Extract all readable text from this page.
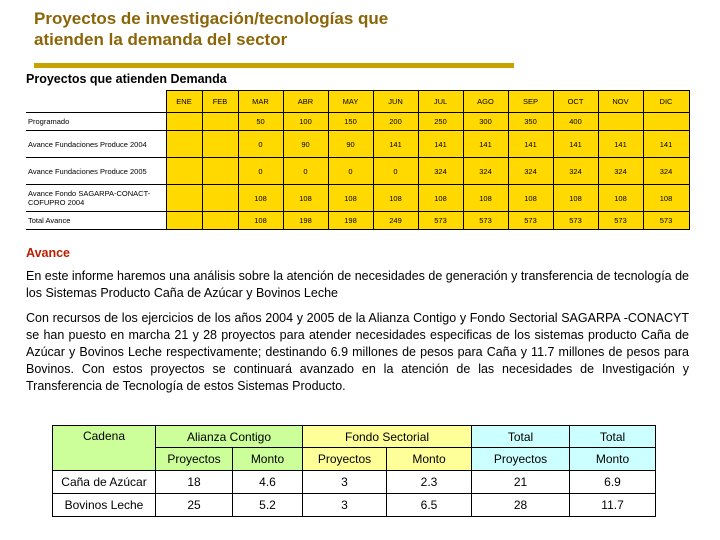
Proyectos de investigación/tecnologías que
atienden la demanda del sector
Proyectos que atienden Demanda
	ENE	FEB	MAR	ABR	MAY	JUN	JUL	AGO	SEP	OCT	NOV	DIC
Programado			50	100	150	200	250	300	350	400		
Avance Fundaciones Produce 2004			0	90	90	141	141	141	141	141	141	141
Avance Fundaciones Produce 2005			0	0	0	0	324	324	324	324	324	324
Avance Fondo SAGARPA-CONACT-COFUPRO 2004			108	108	108	108	108	108	108	108	108	108
Total Avance			108	198	198	249	573	573	573	573	573	573
Avance
En este informe haremos una análisis sobre la atención de necesidades de generación y transferencia de tecnología de los Sistemas Producto Caña de Azúcar y Bovinos Leche
Con recursos de los ejercicios de los años 2004 y 2005 de la Alianza Contigo y Fondo Sectorial SAGARPA -CONACYT se han puesto en marcha 21 y 28 proyectos para atender necesidades especificas de los sistemas producto Caña de Azúcar y Bovinos Leche respectivamente; destinando 6.9 millones de pesos para Caña y 11.7 millones de pesos para Bovinos. Con estos proyectos se continuará avanzado en la atención de las necesidades de Investigación y Transferencia de Tecnología de estos Sistemas Producto.
Cadena	Alianza Contigo		Fondo Sectorial		Total	Total
	Proyectos	Monto	Proyectos	Monto	Proyectos	Monto
Caña de Azúcar	18	4.6	3	2.3	21	6.9
Bovinos Leche	25	5.2	3	6.5	28	11.7
